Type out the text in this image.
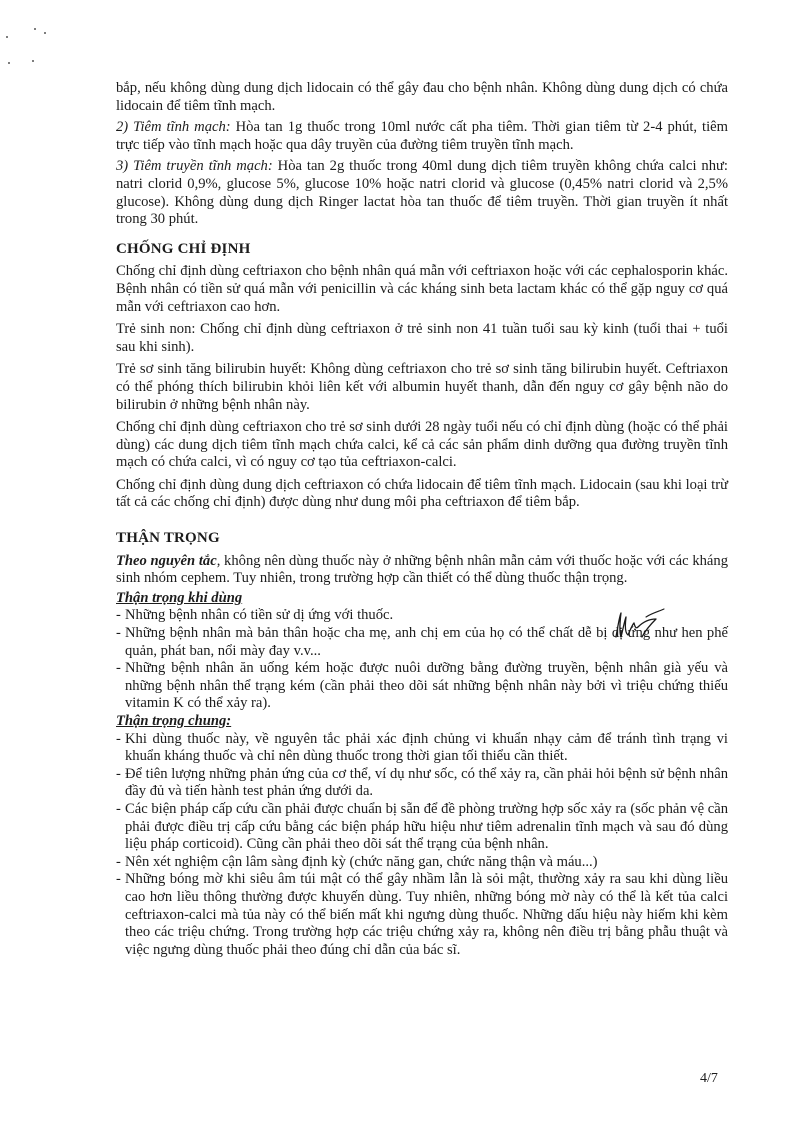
bắp, nếu không dùng dung dịch lidocain có thể gây đau cho bệnh nhân. Không dùng dung dịch có chứa lidocain để tiêm tĩnh mạch.

2) Tiêm tĩnh mạch: Hòa tan 1g thuốc trong 10ml nước cất pha tiêm. Thời gian tiêm từ 2-4 phút, tiêm trực tiếp vào tĩnh mạch hoặc qua dây truyền của đường tiêm truyền tĩnh mạch.

3) Tiêm truyền tĩnh mạch: Hòa tan 2g thuốc trong 40ml dung dịch tiêm truyền không chứa calci như: natri clorid 0,9%, glucose 5%, glucose 10% hoặc natri clorid và glucose (0,45% natri clorid và 2,5% glucose). Không dùng dung dịch Ringer lactat hòa tan thuốc để tiêm truyền. Thời gian truyền ít nhất trong 30 phút.

CHỐNG CHỈ ĐỊNH

Chống chỉ định dùng ceftriaxon cho bệnh nhân quá mẫn với ceftriaxon hoặc với các cephalosporin khác. Bệnh nhân có tiền sử quá mẫn với penicillin và các kháng sinh beta lactam khác có thể gặp nguy cơ quá mẫn với ceftriaxon cao hơn.

Trẻ sinh non: Chống chỉ định dùng ceftriaxon ở trẻ sinh non 41 tuần tuổi sau kỳ kinh (tuổi thai + tuổi sau khi sinh).

Trẻ sơ sinh tăng bilirubin huyết: Không dùng ceftriaxon cho trẻ sơ sinh tăng bilirubin huyết. Ceftriaxon có thể phóng thích bilirubin khỏi liên kết với albumin huyết thanh, dẫn đến nguy cơ gây bệnh não do bilirubin ở những bệnh nhân này.

Chống chỉ định dùng ceftriaxon cho trẻ sơ sinh dưới 28 ngày tuổi nếu có chỉ định dùng (hoặc có thể phải dùng) các dung dịch tiêm tĩnh mạch chứa calci, kể cả các sản phẩm dinh dưỡng qua đường truyền tĩnh mạch có chứa calci, vì có nguy cơ tạo tủa ceftriaxon-calci.

Chống chỉ định dùng dung dịch ceftriaxon có chứa lidocain để tiêm tĩnh mạch. Lidocain (sau khi loại trừ tất cả các chống chỉ định) được dùng như dung môi pha ceftriaxon để tiêm bắp.

THẬN TRỌNG

Theo nguyên tắc, không nên dùng thuốc này ở những bệnh nhân mẫn cảm với thuốc hoặc với các kháng sinh nhóm cephem. Tuy nhiên, trong trường hợp cần thiết có thể dùng thuốc thận trọng.

Thận trọng khi dùng
- Những bệnh nhân có tiền sử dị ứng với thuốc.
- Những bệnh nhân mà bản thân hoặc cha mẹ, anh chị em của họ có thể chất dễ bị dị ứng như hen phế quản, phát ban, nổi mày đay v.v...
- Những bệnh nhân ăn uống kém hoặc được nuôi dưỡng bằng đường truyền, bệnh nhân già yếu và những bệnh nhân thể trạng kém (cần phải theo dõi sát những bệnh nhân này bởi vì triệu chứng thiếu vitamin K có thể xảy ra).
Thận trọng chung:
- Khi dùng thuốc này, về nguyên tắc phải xác định chủng vi khuẩn nhạy cảm để tránh tình trạng vi khuẩn kháng thuốc và chỉ nên dùng thuốc trong thời gian tối thiểu cần thiết.
- Để tiên lượng những phản ứng của cơ thể, ví dụ như sốc, có thể xảy ra, cần phải hỏi bệnh sử bệnh nhân đầy đủ và tiến hành test phản ứng dưới da.
- Các biện pháp cấp cứu cần phải được chuẩn bị sẵn để đề phòng trường hợp sốc xảy ra (sốc phản vệ cần phải được điều trị cấp cứu bằng các biện pháp hữu hiệu như tiêm adrenalin tĩnh mạch và sau đó dùng liệu pháp corticoid). Cũng cần phải theo dõi sát thể trạng của bệnh nhân.
- Nên xét nghiệm cận lâm sàng định kỳ (chức năng gan, chức năng thận và máu...)
- Những bóng mờ khi siêu âm túi mật có thể gây nhầm lẫn là sỏi mật, thường xảy ra sau khi dùng liều cao hơn liều thông thường được khuyến dùng. Tuy nhiên, những bóng mờ này có thể là kết tủa calci ceftriaxon-calci mà tủa này có thể biến mất khi ngưng dùng thuốc. Những dấu hiệu này hiếm khi kèm theo các triệu chứng. Trong trường hợp các triệu chứng xảy ra, không nên điều trị bằng phẫu thuật và việc ngưng dùng thuốc phải theo đúng chỉ dẫn của bác sĩ.
4/7
